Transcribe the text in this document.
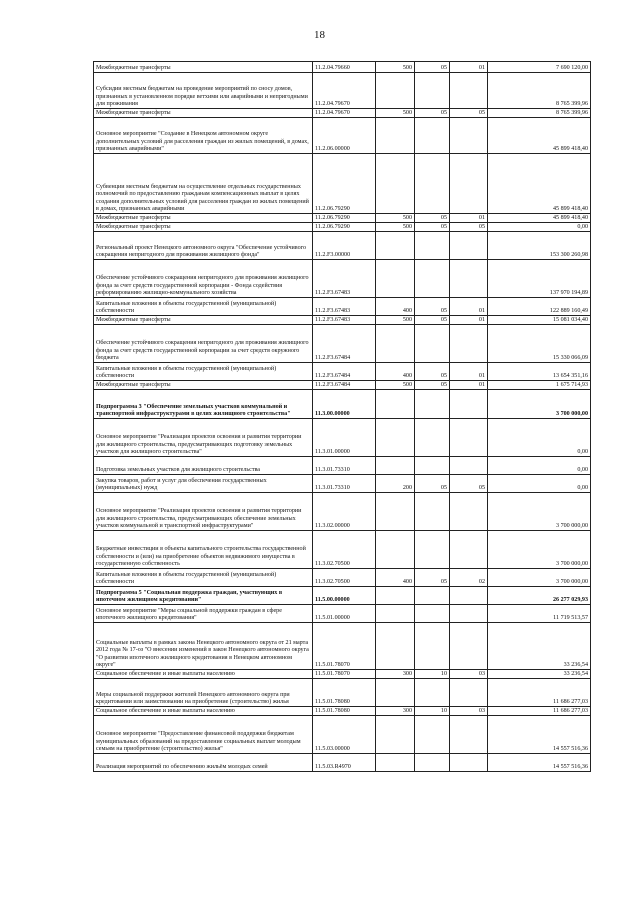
18
Межбюджетные трансферты	11.2.04.79660	500	05	01	7 690 120,00
Субсидии местным бюджетам на проведение мероприятий по сносу домов, признанных в установленном порядке ветхими или аварийными и непригодными для проживания	11.2.04.79670				8 765 399,96
Межбюджетные трансферты	11.2.04.79670	500	05	05	8 765 399,96
Основное мероприятие "Создание в Ненецком автономном округе дополнительных условий для расселения граждан из жилых помещений, в домах, признанных аварийными"	11.2.06.00000				45 899 418,40
Субвенции местным бюджетам на осуществление отдельных государственных полномочий по предоставлению гражданам компенсационных выплат в целях создания дополнительных условий для расселения граждан из жилых помещений в домах, признанных аварийными	11.2.06.79290				45 899 418,40
Межбюджетные трансферты	11.2.06.79290	500	05	01	45 899 418,40
Межбюджетные трансферты	11.2.06.79290	500	05	05	0,00
Региональный проект Ненецкого автономного округа "Обеспечение устойчивого сокращения непригодного для проживания жилищного фонда"	11.2.F3.00000				153 300 260,98
Обеспечение устойчивого сокращения непригодного для проживания жилищного фонда за счет средств государственной корпорации - Фонда содействия реформированию жилищно-коммунального хозяйства	11.2.F3.67483				137 970 194,89
Капитальные вложения в объекты государственной (муниципальной) собственности	11.2.F3.67483	400	05	01	122 889 160,49
Межбюджетные трансферты	11.2.F3.67483	500	05	01	15 081 034,40
Обеспечение устойчивого сокращения непригодного для проживания жилищного фонда за счет средств государственной корпорации за счет средств окружного бюджета	11.2.F3.67484				15 330 066,09
Капитальные вложения в объекты государственной (муниципальной) собственности	11.2.F3.67484	400	05	01	13 654 351,16
Межбюджетные трансферты	11.2.F3.67484	500	05	01	1 675 714,93
Подпрограмма 3 "Обеспечение земельных участков коммунальной и транспортной инфраструктурами в целях жилищного строительства"	11.3.00.00000				3 700 000,00
Основное мероприятие "Реализация проектов освоения и развития территории для жилищного строительства, предусматривающих подготовку земельных участков для жилищного строительства"	11.3.01.00000				0,00
Подготовка земельных участков для жилищного строительства	11.3.01.73310				0,00
Закупка товаров, работ и услуг для обеспечения государственных (муниципальных) нужд	11.3.01.73310	200	05	05	0,00
Основное мероприятие "Реализация проектов освоения и развития территории для жилищного строительства, предусматривающих обеспечение земельных участков коммунальной и транспортной инфраструктурами"	11.3.02.00000				3 700 000,00
Бюджетные инвестиции в объекты капитального строительства государственной собственности и (или) на приобретение объектов недвижимого имущества в государственную собственность	11.3.02.70500				3 700 000,00
Капитальные вложения в объекты государственной (муниципальной) собственности	11.3.02.70500	400	05	02	3 700 000,00
Подпрограмма 5 "Социальная поддержка граждан, участвующих в ипотечном жилищном кредитовании"	11.5.00.00000				26 277 029,93
Основное мероприятие "Меры социальной поддержки граждан в сфере ипотечного жилищного кредитования"	11.5.01.00000				11 719 513,57
Социальные выплаты в рамках закона Ненецкого автономного округа от 21 марта 2012 года № 17-оз "О внесении изменений в закон Ненецкого автономного округа "О развитии ипотечного жилищного кредитования в Ненецком автономном округе"	11.5.01.78070				33 236,54
Социальное обеспечение и иные выплаты населению	11.5.01.78070	300	10	03	33 236,54
Меры социальной поддержки жителей Ненецкого автономного округа при кредитовании или заимствовании на приобретение (строительство) жилья	11.5.01.78080				11 686 277,03
Социальное обеспечение и иные выплаты населению	11.5.01.78080	300	10	03	11 686 277,03
Основное мероприятие "Предоставление финансовой поддержки бюджетам муниципальных образований на предоставление социальных выплат молодым семьям на приобретение (строительство) жилья"	11.5.03.00000				14 557 516,36
Реализация мероприятий по обеспечению жильём молодых семей	11.5.03.R4970				14 557 516,36
